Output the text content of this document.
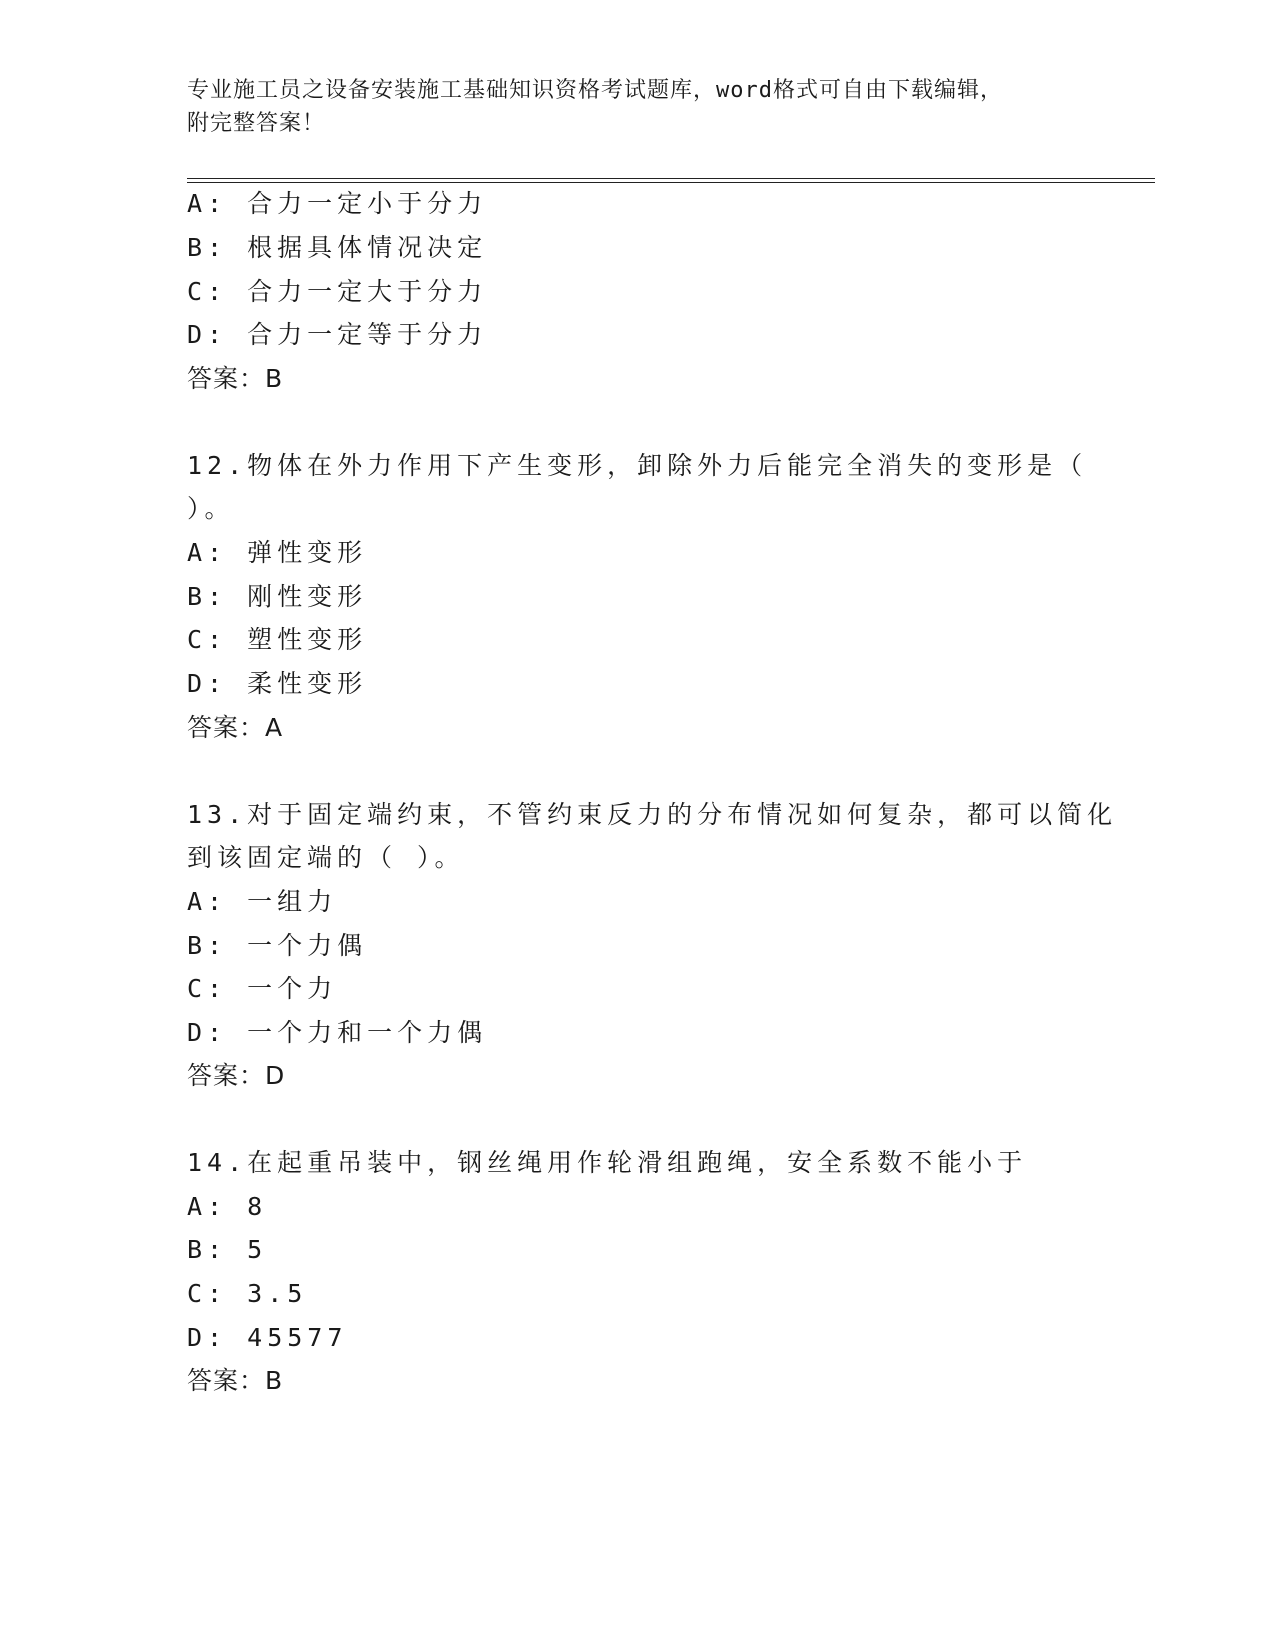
专业施工员之设备安装施工基础知识资格考试题库，word格式可自由下载编辑，
附完整答案！
A: 合力一定小于分力
B: 根据具体情况决定
C: 合力一定大于分力
D: 合力一定等于分力
答案：B
12.物体在外力作用下产生变形，卸除外力后能完全消失的变形是（
）。
A: 弹性变形
B: 刚性变形
C: 塑性变形
D: 柔性变形
答案：A
13.对于固定端约束，不管约束反力的分布情况如何复杂，都可以简化
到该固定端的（ ）。
A: 一组力
B: 一个力偶
C: 一个力
D: 一个力和一个力偶
答案：D
14.在起重吊装中，钢丝绳用作轮滑组跑绳，安全系数不能小于
A: 8
B: 5
C: 3.5
D: 45577
答案：B
